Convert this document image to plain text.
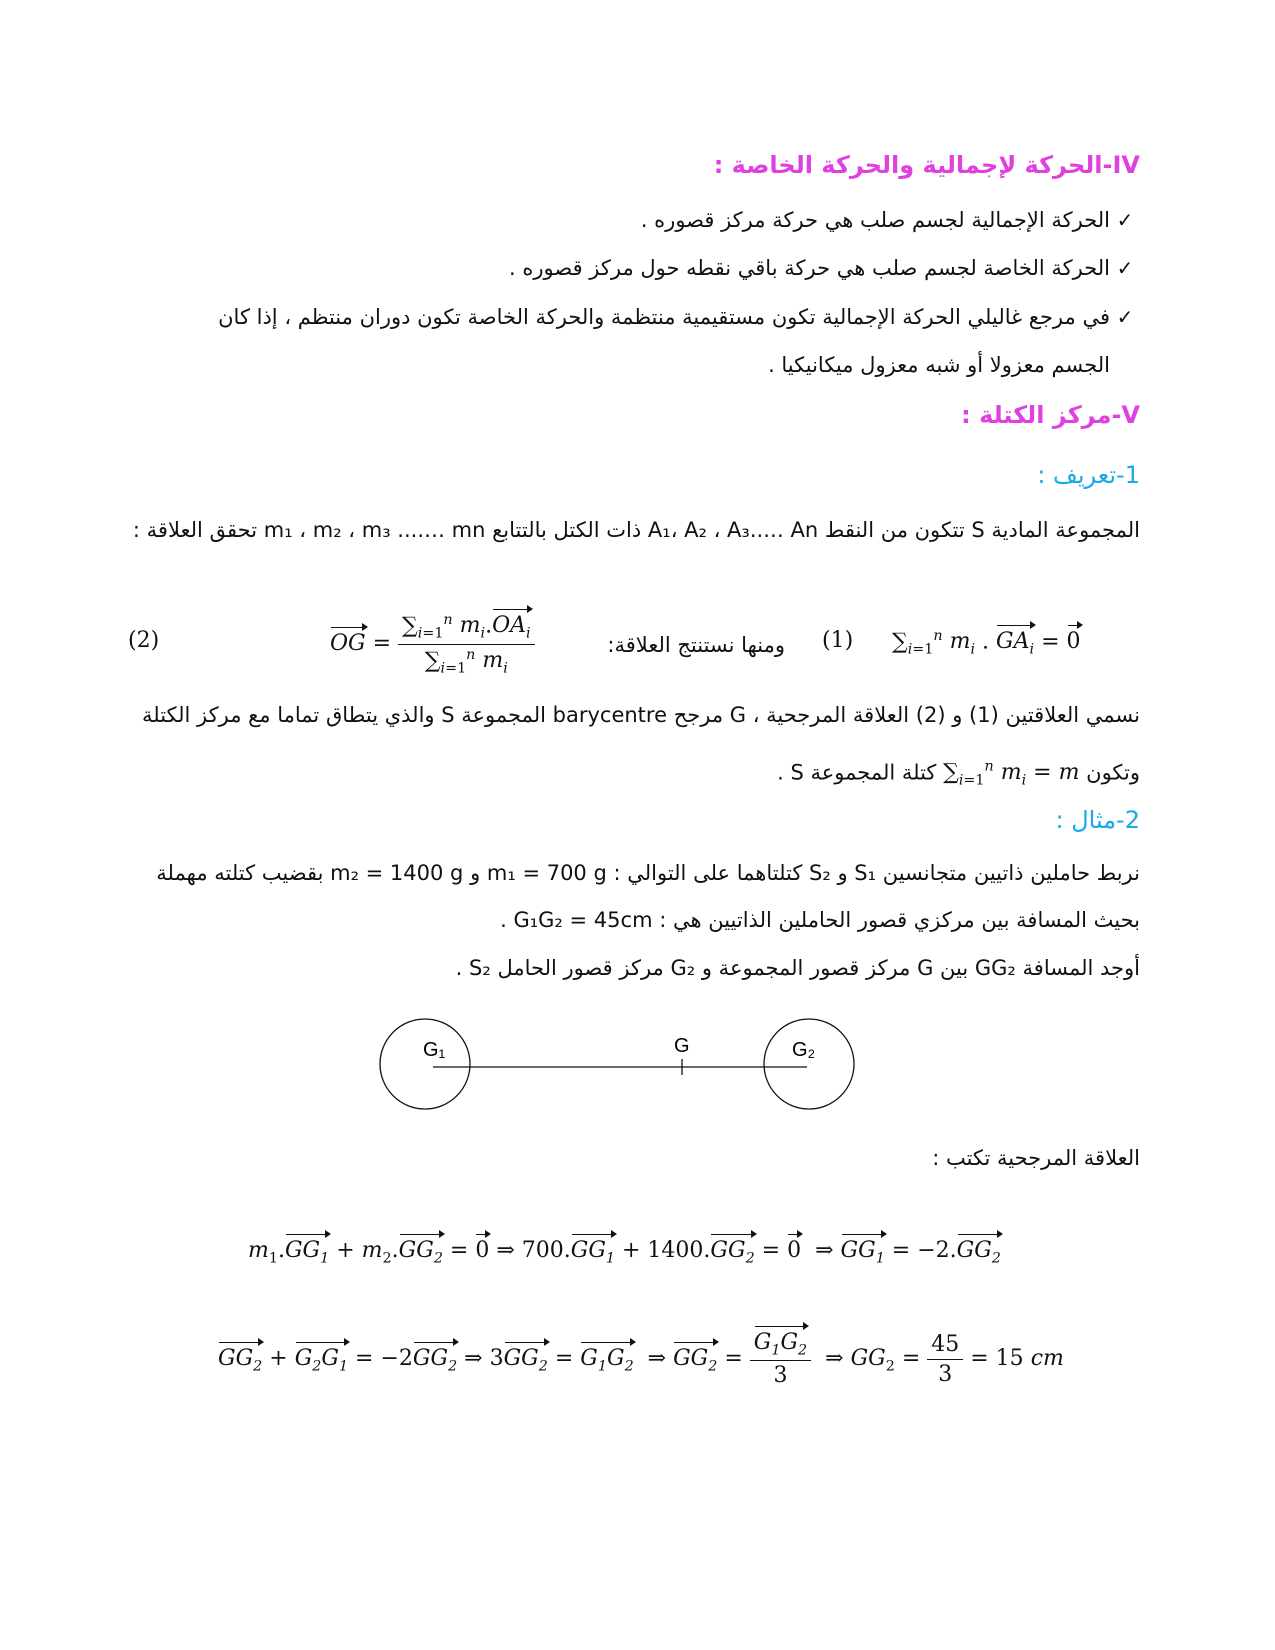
IV-الحركة لإجمالية والحركة الخاصة :
✓الحركة الإجمالية لجسم صلب هي حركة مركز قصوره .
✓الحركة الخاصة لجسم صلب هي حركة باقي نقطه حول مركز قصوره .
✓في مرجع غاليلي الحركة الإجمالية تكون مستقيمية منتظمة والحركة الخاصة تكون دوران منتظم ، إذا كان
الجسم معزولا أو شبه معزول ميكانيكيا .
V-مركز الكتلة :
1-تعريف :
المجموعة المادية S تتكون من النقط A₁، A₂ ، A₃...‥ An ذات الكتل بالتتابع m₁ ، m₂ ، m₃ ....… mn تحقق العلاقة :
(2)	OG = $\frac{\sum_{i=1}^n m_i.OA_i}{\sum_{i=1}^n m_i}$	ومنها نستنتج العلاقة: (1) $\sum_{i=1}^n$ $m_i$ . $GA_i = 0$
نسمي العلاقتين (1) و (2) العلاقة المرجحية ، G مرجح barycentre المجموعة S والذي يتطاق تماما مع مركز الكتلة
وتكون $\sum_{i=1}^n$ $m_i = m$ كتلة المجموعة S .
2-مثال :
نربط حاملين ذاتيين متجانسين S₁ و S₂ كتلتاهما على التوالي : m₁ = 700 g و m₂ = 1400 g بقضيب كتلته مهملة
بحيث المسافة بين مركزي قصور الحاملين الذاتيين هي : G₁G₂ = 45cm .
أوجد المسافة GG₂ بين G مركز قصور المجموعة و G₂ مركز قصور الحامل S₂ .
G₁	G	G₂
العلاقة المرجحية تكتب :
$m_1.GG_1 + m_2.GG_2 = 0$ ⇒ $700.GG_1 + 1400.GG_2 = 0$  ⇒ $GG_1 = -2.GG_2$
$GG_2 + G_2G_1 = -2GG_2$ ⇒ $3GG_2 = G_1G_2$  ⇒ $GG_2 = \frac{G_1G_2}{3}$ ⇒ $GG_2 = \frac{45}{3} = 15$ cm
